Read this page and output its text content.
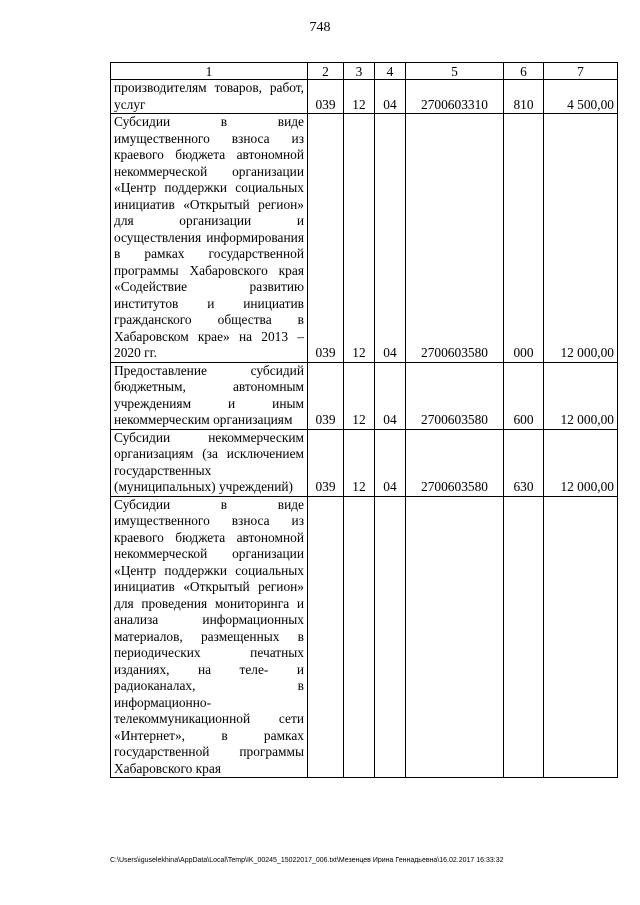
748
1	2	3	4	5	6	7
производителям товаров, работ, услуг	039	12	04	2700603310	810	4 500,00
Субсидии в виде имущественного взноса из краевого бюджета автономной некоммерческой организации «Центр поддержки социальных инициатив «Открытый регион» для организации и осуществления информирования в рамках государственной программы Хабаровского края «Содействие развитию институтов и инициатив гражданского общества в Хабаровском крае» на 2013 – 2020 гг.	039	12	04	2700603580	000	12 000,00
Предоставление субсидий бюджетным, автономным учреждениям и иным некоммерческим организациям	039	12	04	2700603580	600	12 000,00
Субсидии некоммерческим организациям (за исключением государственных (муниципальных) учреждений)	039	12	04	2700603580	630	12 000,00
Субсидии в виде имущественного взноса из краевого бюджета автономной некоммерческой организации «Центр поддержки социальных инициатив «Открытый регион» для проведения мониторинга и анализа информационных материалов, размещенных в периодических печатных изданиях, на теле- и радиоканалах, в информационно-телекоммуникационной сети «Интернет», в рамках государственной программы Хабаровского края						
C:\Users\iguselekhina\AppData\Local\Temp\IK_00245_15022017_006.txt\Мезенцев Ирина Геннадьевна\16.02.2017 16:33:32
